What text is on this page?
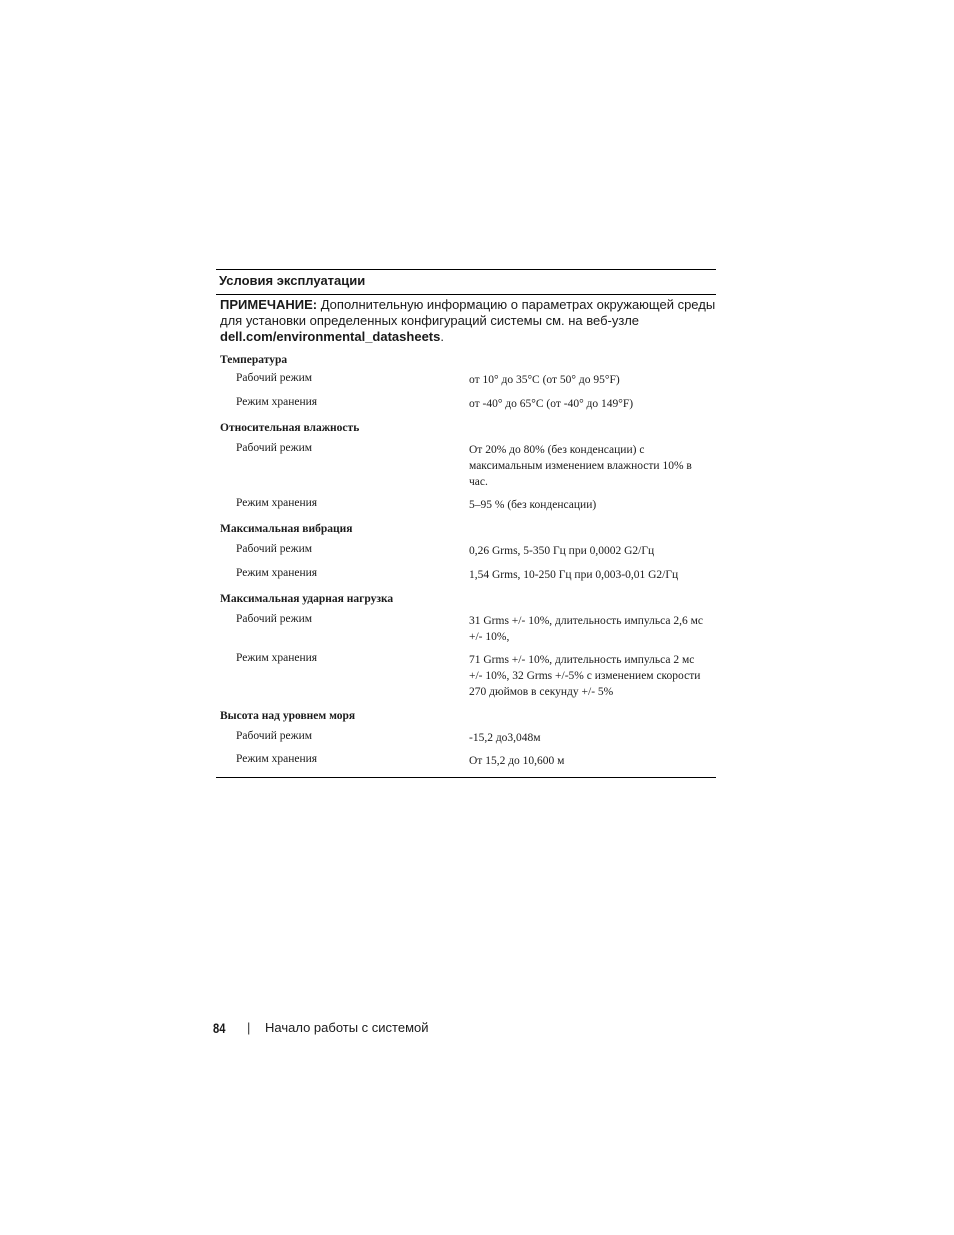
Условия эксплуатации
ПРИМЕЧАНИЕ: Дополнительную информацию о параметрах окружающей среды для установки определенных конфигураций системы см. на веб-узле dell.com/environmental_datasheets.
Температура
Рабочий режим	от 10° до 35°C (от 50° до 95°F)
Режим хранения	от -40° до 65°C (от -40° до 149°F)
Относительная влажность
Рабочий режим	От 20% до 80% (без конденсации) с максимальным изменением влажности 10% в час.
Режим хранения	5–95 % (без конденсации)
Максимальная вибрация
Рабочий режим	0,26 Grms, 5-350 Гц при 0,0002 G2/Гц
Режим хранения	1,54 Grms, 10-250 Гц при 0,003-0,01 G2/Гц
Максимальная ударная нагрузка
Рабочий режим	31 Grms +/- 10%, длительность импульса 2,6 мс +/- 10%,
Режим хранения	71 Grms +/- 10%, длительность импульса 2 мс +/- 10%, 32 Grms +/-5% с изменением скорости 270 дюймов в секунду +/- 5%
Высота над уровнем моря
Рабочий режим	-15,2 до3,048м
Режим хранения	От 15,2 до 10,600 м
84 | Начало работы с системой
